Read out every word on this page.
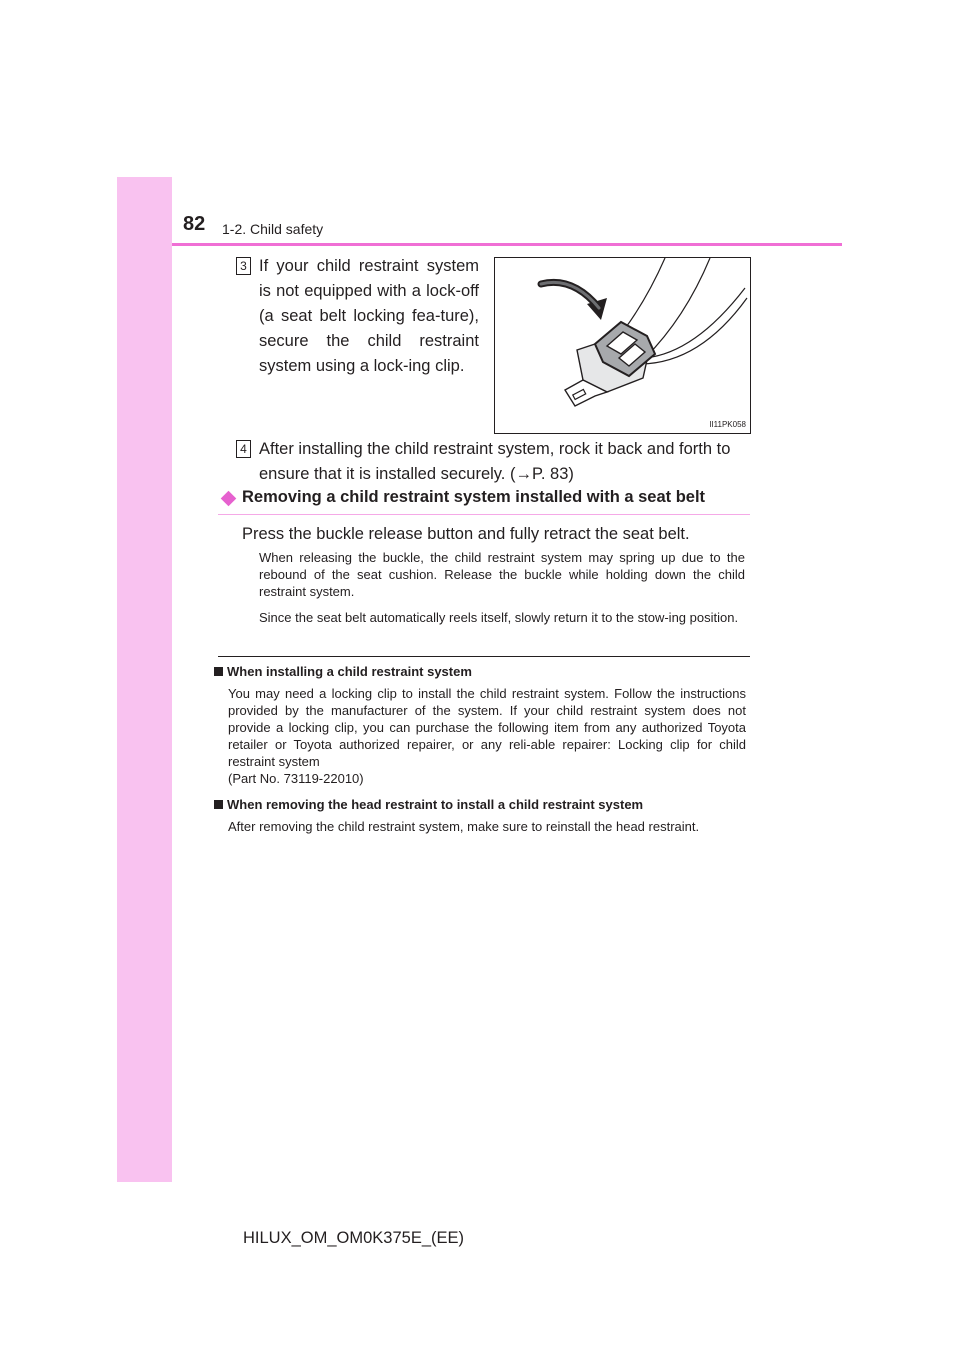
82 1-2. Child safety
3 If your child restraint system is not equipped with a lock-off (a seat belt locking fea-ture), secure the child restraint system using a lock-ing clip.
II11PK058
4 After installing the child restraint system, rock it back and forth to ensure that it is installed securely. (→P. 83)
Removing a child restraint system installed with a seat belt
Press the buckle release button and fully retract the seat belt.
When releasing the buckle, the child restraint system may spring up due to the rebound of the seat cushion. Release the buckle while holding down the child restraint system.
Since the seat belt automatically reels itself, slowly return it to the stow-ing position.
When installing a child restraint system
You may need a locking clip to install the child restraint system. Follow the instructions provided by the manufacturer of the system. If your child restraint system does not provide a locking clip, you can purchase the following item from any authorized Toyota retailer or Toyota authorized repairer, or any reli-able repairer: Locking clip for child restraint system
(Part No. 73119-22010)
When removing the head restraint to install a child restraint system
After removing the child restraint system, make sure to reinstall the head restraint.
HILUX_OM_OM0K375E_(EE)
